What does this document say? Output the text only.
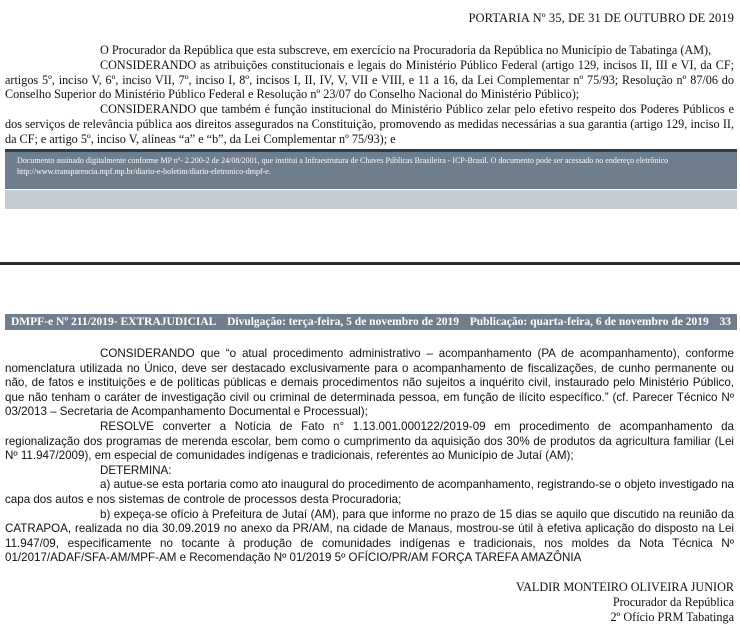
PORTARIA Nº 35, DE 31 DE OUTUBRO DE 2019

O Procurador da República que esta subscreve, em exercício na Procuradoria da República no Município de Tabatinga (AM),

CONSIDERANDO as atribuições constitucionais e legais do Ministério Público Federal (artigo 129, incisos II, III e VI, da CF; artigos 5º, inciso V, 6º, inciso VII, 7º, inciso I, 8º, incisos I, II, IV, V, VII e VIII, e 11 a 16, da Lei Complementar nº 75/93; Resolução nº 87/06 do Conselho Superior do Ministério Público Federal e Resolução nº 23/07 do Conselho Nacional do Ministério Público);

CONSIDERANDO que também é função institucional do Ministério Público zelar pelo efetivo respeito dos Poderes Públicos e dos serviços de relevância pública aos direitos assegurados na Constituição, promovendo as medidas necessárias a sua garantia (artigo 129, inciso II, da CF; e artigo 5º, inciso V, alíneas “a” e “b”, da Lei Complementar nº 75/93); e

Documento assinado digitalmente conforme MP nº- 2.200-2 de 24/08/2001, que institui a Infraestrutura de Chaves Públicas Brasileira - ICP-Brasil. O documento pode ser acessado no endereço eletrônico http://www.transparencia.mpf.mp.br/diario-e-boletim/diario-eletronico-dmpf-e.
DMPF-e Nº 211/2019- EXTRAJUDICIAL Divulgação: terça-feira, 5 de novembro de 2019 Publicação: quarta-feira, 6 de novembro de 2019 33

CONSIDERANDO que “o atual procedimento administrativo – acompanhamento (PA de acompanhamento), conforme nomenclatura utilizada no Único, deve ser destacado exclusivamente para o acompanhamento de fiscalizações, de cunho permanente ou não, de fatos e instituições e de políticas públicas e demais procedimentos não sujeitos a inquérito civil, instaurado pelo Ministério Público, que não tenham o caráter de investigação civil ou criminal de determinada pessoa, em função de ilícito específico.” (cf. Parecer Técnico Nº 03/2013 – Secretaria de Acompanhamento Documental e Processual);

RESOLVE converter a Notícia de Fato n° 1.13.001.000122/2019-09 em procedimento de acompanhamento da regionalização dos programas de merenda escolar, bem como o cumprimento da aquisição dos 30% de produtos da agricultura familiar (Lei Nº 11.947/2009), em especial de comunidades indígenas e tradicionais, referentes ao Município de Jutaí (AM);

DETERMINA:

a) autue-se esta portaria como ato inaugural do procedimento de acompanhamento, registrando-se o objeto investigado na capa dos autos e nos sistemas de controle de processos desta Procuradoria;

b) expeça-se ofício à Prefeitura de Jutaí (AM), para que informe no prazo de 15 dias se aquilo que discutido na reunião da CATRAPOA, realizada no dia 30.09.2019 no anexo da PR/AM, na cidade de Manaus, mostrou-se útil à efetiva aplicação do disposto na Lei 11.947/09, especificamente no tocante à produção de comunidades indígenas e tradicionais, nos moldes da Nota Técnica Nº 01/2017/ADAF/SFA-AM/MPF-AM e Recomendação Nº 01/2019 5º OFÍCIO/PR/AM FORÇA TAREFA AMAZÔNIA

VALDIR MONTEIRO OLIVEIRA JUNIOR
Procurador da República
2º Ofício PRM Tabatinga
